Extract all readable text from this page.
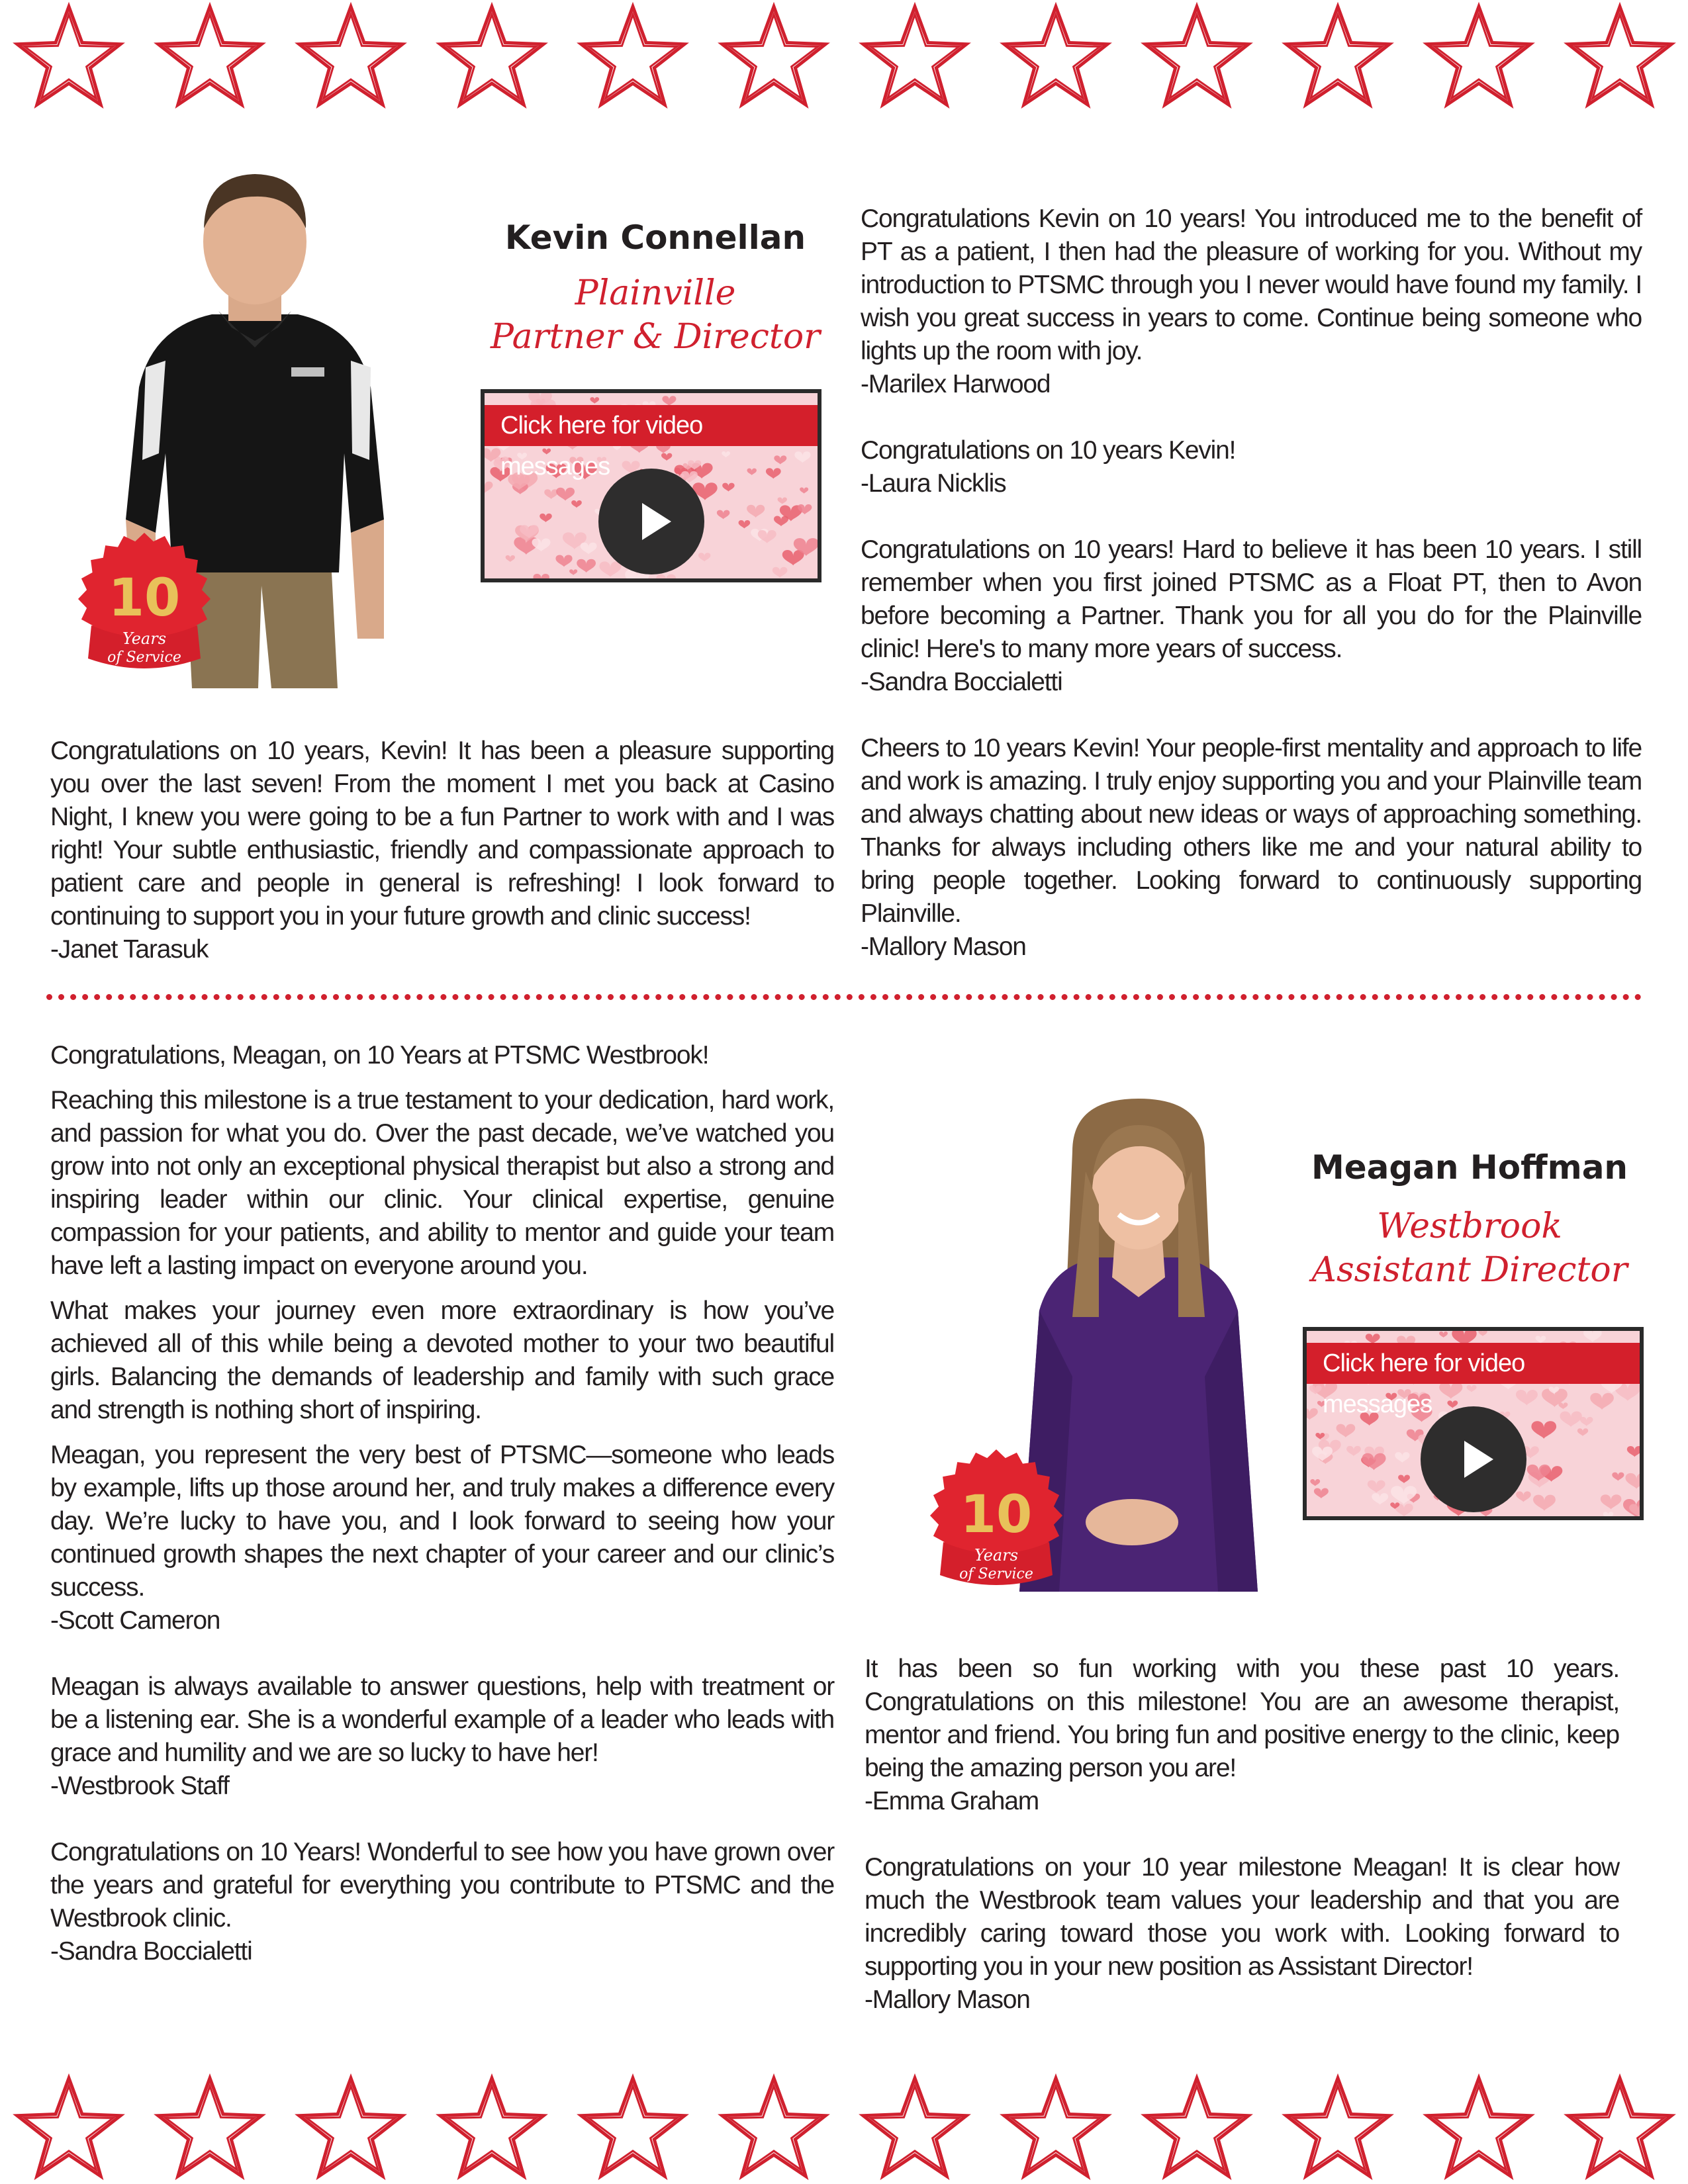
10
Years
of Service
Kevin Connellan
Plainville
Partner & Director
Click here for video messages

Congratulations Kevin on 10 years! You introduced me to the benefit of PT as a patient, I then had the pleasure of working for you. Without my introduction to PTSMC through you I never would have found my family. I wish you great success in years to come. Continue being someone who lights up the room with joy.

-Marilex Harwood

Congratulations on 10 years Kevin!

-Laura Nicklis

Congratulations on 10 years! Hard to believe it has been 10 years. I still remember when you first joined PTSMC as a Float PT, then to Avon before becoming a Partner. Thank you for all you do for the Plainville clinic! Here's to many more years of success.

-Sandra Boccialetti

Cheers to 10 years Kevin! Your people-first mentality and approach to life and work is amazing. I truly enjoy supporting you and your Plainville team and always chatting about new ideas or ways of approaching something. Thanks for always including others like me and your natural ability to bring people together. Looking forward to continuously supporting Plainville.

-Mallory Mason

Congratulations on 10 years, Kevin! It has been a pleasure supporting you over the last seven! From the moment I met you back at Casino Night, I knew you were going to be a fun Partner to work with and I was right! Your subtle enthusiastic, friendly and compassionate approach to patient care and people in general is refreshing! I look forward to continuing to support you in your future growth and clinic success!

-Janet Tarasuk

Congratulations, Meagan, on 10 Years at PTSMC Westbrook!

Reaching this milestone is a true testament to your dedication, hard work, and passion for what you do. Over the past decade, we’ve watched you grow into not only an exceptional physical therapist but also a strong and inspiring leader within our clinic. Your clinical expertise, genuine compassion for your patients, and ability to mentor and guide your team have left a lasting impact on everyone around you.

What makes your journey even more extraordinary is how you’ve achieved all of this while being a devoted mother to your two beautiful girls. Balancing the demands of leadership and family with such grace and strength is nothing short of inspiring.

Meagan, you represent the very best of PTSMC—someone who leads by example, lifts up those around her, and truly makes a difference every day. We’re lucky to have you, and I look forward to seeing how your continued growth shapes the next chapter of your career and our clinic’s success.

-Scott Cameron

Meagan is always available to answer questions, help with treatment or be a listening ear. She is a wonderful example of a leader who leads with grace and humility and we are so lucky to have her!

-Westbrook Staff

Congratulations on 10 Years! Wonderful to see how you have grown over the years and grateful for everything you contribute to PTSMC and the Westbrook clinic.

-Sandra Boccialetti

10
Years
of Service
Meagan Hoffman
Westbrook
Assistant Director
Click here for video messages

It has been so fun working with you these past 10 years. Congratulations on this milestone! You are an awesome therapist, mentor and friend. You bring fun and positive energy to the clinic, keep being the amazing person you are!

-Emma Graham

Congratulations on your 10 year milestone Meagan! It is clear how much the Westbrook team values your leadership and that you are incredibly caring toward those you work with. Looking forward to supporting you in your new position as Assistant Director!

-Mallory Mason
